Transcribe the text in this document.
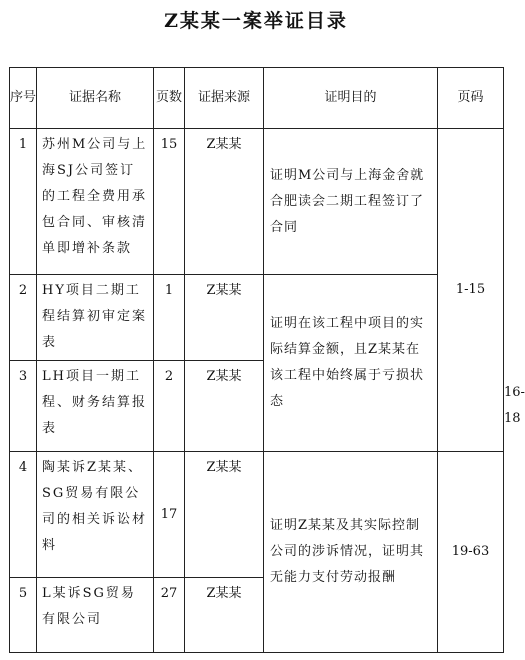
Z某某一案举证目录
序号	证据名称	页数	证据来源	证明目的	页码	
1	苏州M公司与上海SJ公司签订的工程全费用承包合同、审核清单即增补条款	15	Z某某	证明M公司与上海金舍就合肥读会二期工程签订了合同	1-15	
2	HY项目二期工程结算初审定案表	1	Z某某	证明在该工程中项目的实际结算金额，且Z某某在该工程中始终属于亏损状态		
3	LH项目一期工程、财务结算报表	2	Z某某			16-18
4	陶某诉Z某某、SG贸易有限公司的相关诉讼材料	17	Z某某	证明Z某某及其实际控制公司的涉诉情况，证明其无能力支付劳动报酬	19-63	
5	L某诉SG贸易有限公司	27	Z某某			
